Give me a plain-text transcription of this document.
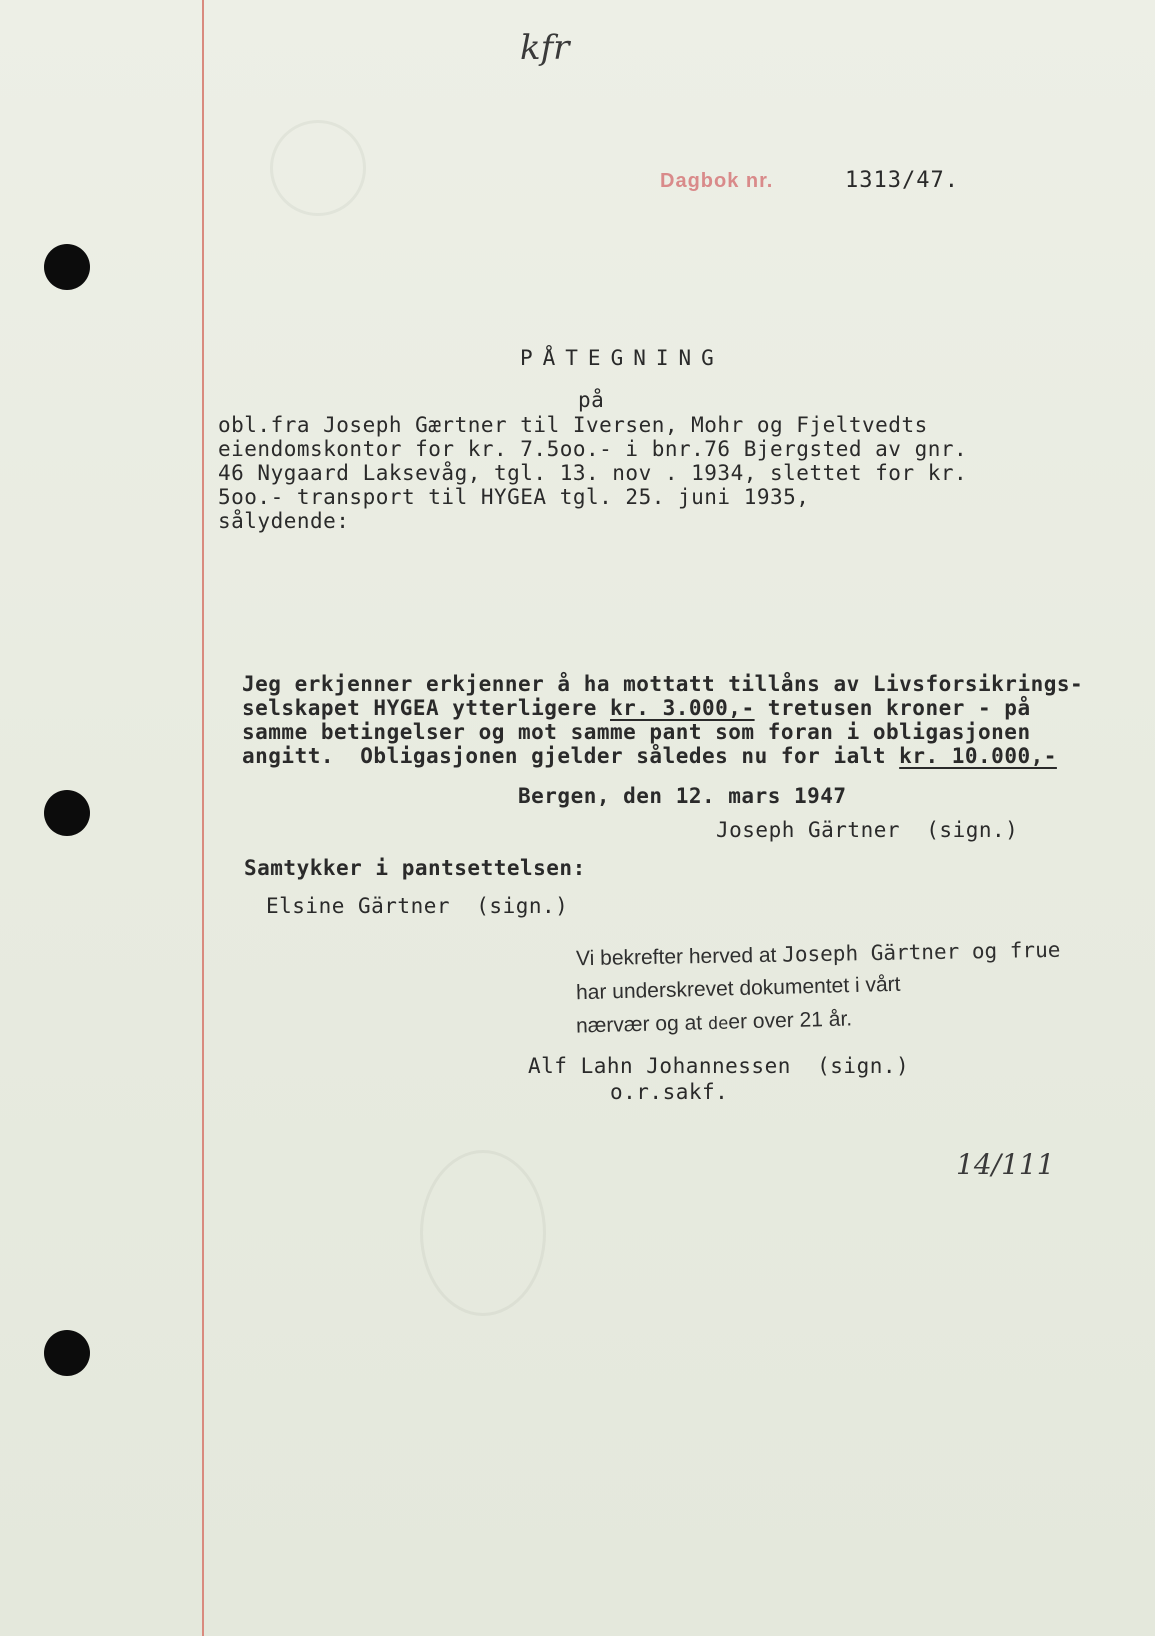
kfr
Dagbok nr.	1313/47.
PÅTEGNING
på
obl.fra Joseph Gærtner til Iversen, Mohr og Fjeltvedts
eiendomskontor for kr. 7.5oo.- i bnr.76 Bjergsted av gnr.
46 Nygaard Laksevåg, tgl. 13. nov . 1934, slettet for kr.
5oo.- transport til HYGEA tgl. 25. juni 1935,
sålydende:
Jeg erkjenner erkjenner å ha mottatt tillåns av Livsforsikrings-
selskapet HYGEA ytterligere kr. 3.000,- tretusen kroner - på
samme betingelser og mot samme pant som foran i obligasjonen
angitt.  Obligasjonen gjelder således nu for ialt kr. 10.000,-
Bergen, den 12. mars 1947
Joseph Gärtner  (sign.)
Samtykker i pantsettelsen:
Elsine Gärtner  (sign.)
Vi bekrefter herved at Joseph Gärtner og frue
har underskrevet dokumentet i vårt
nærvær og at deer over 21 år.
Alf Lahn Johannessen  (sign.)
o.r.sakf.
14/111
